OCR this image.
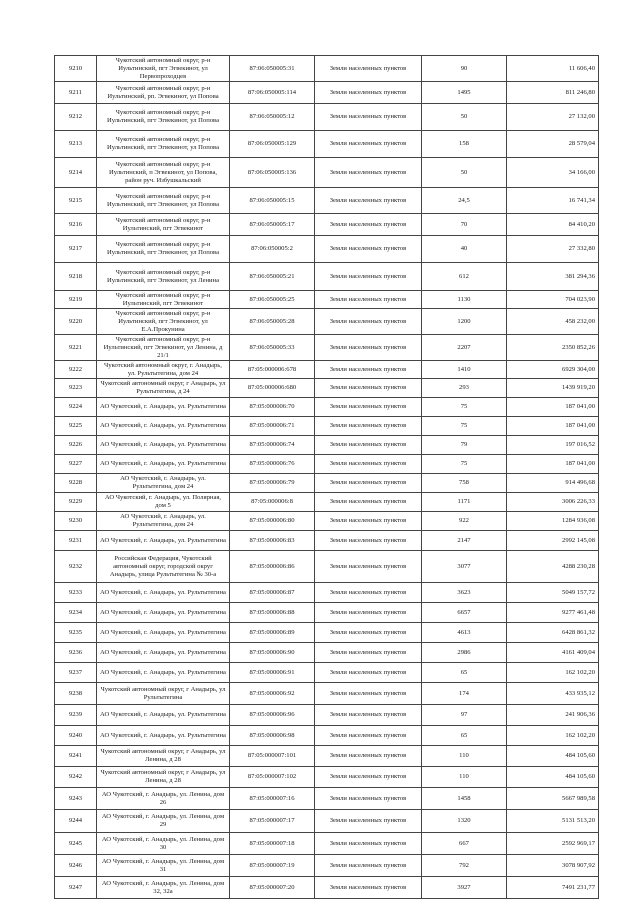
9210	Чукотский автономный округ, р-н Иультинский, пгт Эгвекинот, ул Первопроходцев	87:06:050005:31	Земли населенных пунктов	90	11 606,40
9211	Чукотский автономный округ, р-н Иультинский, рп. Эгвекинот, ул Попова	87:06:050005:114	Земли населенных пунктов	1495	811 246,80
9212	Чукотский автономный округ, р-н Иультинский, пгт Эгвекинот, ул Попова	87:06:050005:12	Земли населенных пунктов	50	27 132,00
9213	Чукотский автономный округ, р-н Иультинский, пгт Эгвекинот, ул Попова	87:06:050005:129	Земли населенных пунктов	158	28 579,04
9214	Чукотский автономный округ, р-н Иультинский, п Эгвекинот, ул Попова, район руч. Избушкальский	87:06:050005:136	Земли населенных пунктов	50	34 166,00
9215	Чукотский автономный округ, р-н Иультинский, пгт Эгвекинот, ул Попова	87:06:050005:15	Земли населенных пунктов	24,5	16 741,34
9216	Чукотский автономный округ, р-н Иультинский, пгт Эгвекинот	87:06:050005:17	Земли населенных пунктов	70	84 410,20
9217	Чукотский автономный округ, р-н Иультинский, пгт Эгвекинот, ул Попова	87:06:050005:2	Земли населенных пунктов	40	27 332,80
9218	Чукотский автономный округ, р-н Иультинский, пгт Эгвекинот, ул Ленина	87:06:050005:21	Земли населенных пунктов	612	381 294,36
9219	Чукотский автономный округ, р-н Иультинский, пгт Эгвекинот	87:06:050005:25	Земли населенных пунктов	1130	704 023,90
9220	Чукотский автономный округ, р-н Иультинский, пгт Эгвекинот, ул Е.А.Прокунина	87:06:050005:28	Земли населенных пунктов	1200	458 232,00
9221	Чукотский автономный округ, р-н Иультинский, пгт Эгвекинот, ул Ленина, д 21/1	87:06:050005:33	Земли населенных пунктов	2207	2350 852,26
9222	Чукотский автономный округ, г. Анадырь, ул. Рультытегина, дом 24	87:05:000006:678	Земли населенных пунктов	1410	6929 304,00
9223	Чукотский автономный округ, г Анадырь, ул Рультытегина, д 24	87:05:000006:680	Земли населенных пунктов	293	1439 919,20
9224	АО Чукотский, г. Анадырь, ул. Рультытегина	87:05:000006:70	Земли населенных пунктов	75	187 041,00
9225	АО Чукотский, г. Анадырь, ул. Рультытегина	87:05:000006:71	Земли населенных пунктов	75	187 041,00
9226	АО Чукотский, г. Анадырь, ул. Рультытегина	87:05:000006:74	Земли населенных пунктов	79	197 016,52
9227	АО Чукотский, г. Анадырь, ул. Рультытегина	87:05:000006:76	Земли населенных пунктов	75	187 041,00
9228	АО Чукотский, г. Анадырь, ул. Рультытегина, дом 24	87:05:000006:79	Земли населенных пунктов	758	914 496,68
9229	АО Чукотский, г. Анадырь, ул. Полярная, дом 5	87:05:000006:8	Земли населенных пунктов	1171	3006 226,33
9230	АО Чукотский, г. Анадырь, ул. Рультытегина, дом 24	87:05:000006:80	Земли населенных пунктов	922	1284 936,08
9231	АО Чукотский, г. Анадырь, ул. Рультытегина	87:05:000006:83	Земли населенных пунктов	2147	2992 145,08
9232	Российская Федерация, Чукотский автономный округ, городской округ Анадырь, улица Рультытегина № 30-а	87:05:000006:86	Земли населенных пунктов	3077	4288 230,28
9233	АО Чукотский, г. Анадырь, ул. Рультытегина	87:05:000006:87	Земли населенных пунктов	3623	5049 157,72
9234	АО Чукотский, г. Анадырь, ул. Рультытегина	87:05:000006:88	Земли населенных пунктов	6657	9277 461,48
9235	АО Чукотский, г. Анадырь, ул. Рультытегина	87:05:000006:89	Земли населенных пунктов	4613	6428 861,32
9236	АО Чукотский, г. Анадырь, ул. Рультытегина	87:05:000006:90	Земли населенных пунктов	2986	4161 409,04
9237	АО Чукотский, г. Анадырь, ул. Рультытегина	87:05:000006:91	Земли населенных пунктов	65	162 102,20
9238	Чукотский автономный округ, г Анадырь, ул Рультытегина	87:05:000006:92	Земли населенных пунктов	174	433 935,12
9239	АО Чукотский, г. Анадырь, ул. Рультытегина	87:05:000006:96	Земли населенных пунктов	97	241 906,36
9240	АО Чукотский, г. Анадырь, ул. Рультытегина	87:05:000006:98	Земли населенных пунктов	65	162 102,20
9241	Чукотский автономный округ, г Анадырь, ул Ленина, д 28	87:05:000007:101	Земли населенных пунктов	110	484 105,60
9242	Чукотский автономный округ, г Анадырь, ул Ленина, д 28	87:05:000007:102	Земли населенных пунктов	110	484 105,60
9243	АО Чукотский, г. Анадырь, ул. Ленина, дом 26	87:05:000007:16	Земли населенных пунктов	1458	5667 989,58
9244	АО Чукотский, г. Анадырь, ул. Ленина, дом 29	87:05:000007:17	Земли населенных пунктов	1320	5131 513,20
9245	АО Чукотский, г. Анадырь, ул. Ленина, дом 30	87:05:000007:18	Земли населенных пунктов	667	2592 969,17
9246	АО Чукотский, г. Анадырь, ул. Ленина, дом 31	87:05:000007:19	Земли населенных пунктов	792	3078 907,92
9247	АО Чукотский, г. Анадырь, ул. Ленина, дом 32, 32а	87:05:000007:20	Земли населенных пунктов	3927	7491 231,77
